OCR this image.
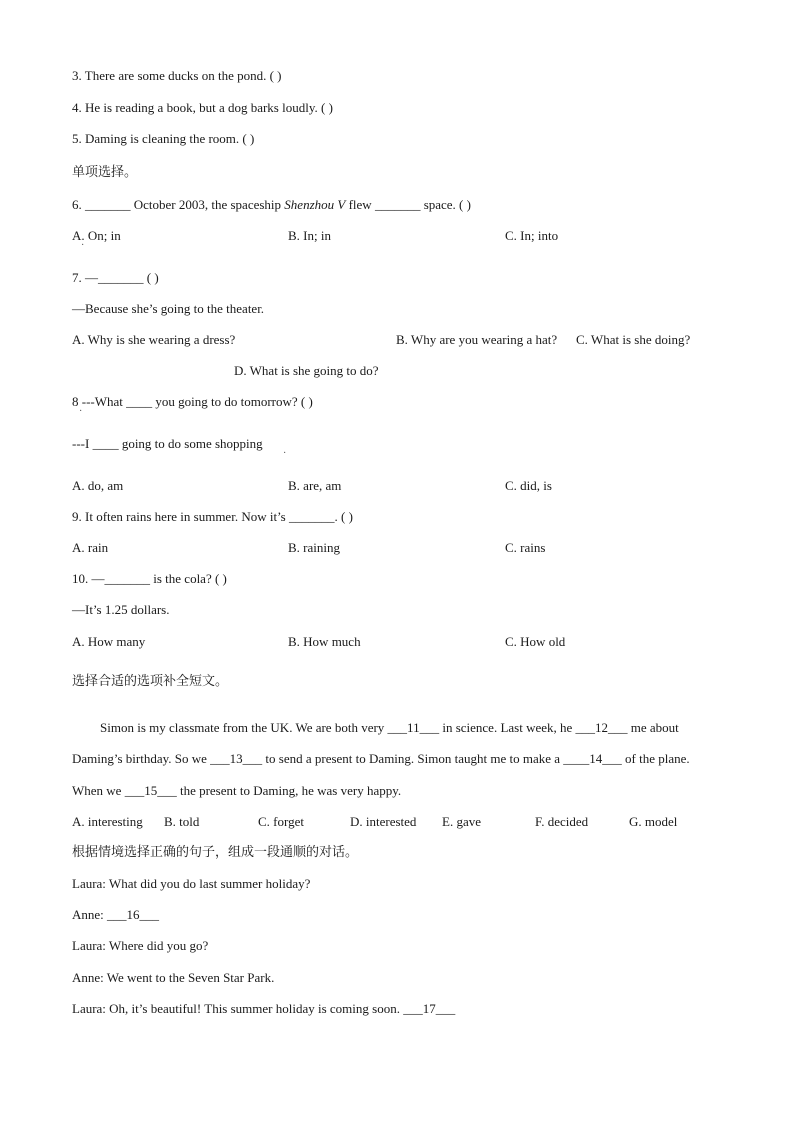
3. There are some ducks on the pond. ( )
4. He is reading a book, but a dog barks loudly. ( )
5. Daming is cleaning the room. ( )
单项选择。
6. _______ October 2003, the spaceship Shenzhou V flew _______ space. ( )
A. On; in
·
B. In; in	C. In; into
7. —_______ ( )
—Because she’s going to the theater.
A. Why is she wearing a dress?	B. Why are you wearing a hat? C. What is she doing?
D. What is she going to do?
8 ---What ____ you going to do tomorrow? ( )
·
---I ____ going to do some shopping
·
A. do, am	B. are, am	C. did, is
9. It often rains here in summer. Now it’s _______. ( )
A. rain	B. raining	C. rains
10. —_______ is the cola? ( )
—It’s 1.25 dollars.
A. How many	B. How much	C. How old
选择合适的选项补全短文。
Simon is my classmate from the UK. We are both very ___11___ in science. Last week, he ___12___ me about
Daming’s birthday. So we ___13___ to send a present to Daming. Simon taught me to make a ____14___ of the plane.
When we ___15___ the present to Daming, he was very happy.
A. interesting B. told	C. forget	D. interested E. gave	F. decided	G. model
根据情境选择正确的句子，组成一段通顺的对话。
Laura: What did you do last summer holiday?
Anne: ___16___
Laura: Where did you go?
Anne: We went to the Seven Star Park.
Laura: Oh, it’s beautiful! This summer holiday is coming soon. ___17___
